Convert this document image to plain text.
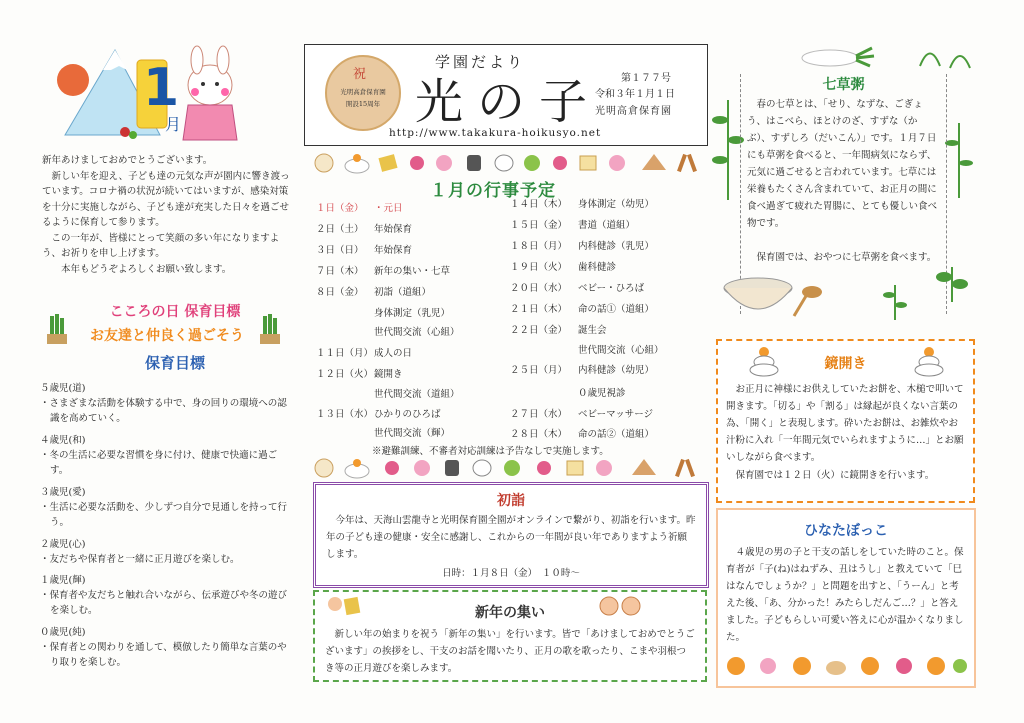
1
月

新年あけましておめでとうございます。

新しい年を迎え、子ども達の元気な声が園内に響き渡っています。コロナ禍の状況が続いてはいますが、感染対策を十分に実施しながら、子ども達が充実した日々を過ごせるように保育して参ります。

この一年が、皆様にとって笑顔の多い年になりますよう、お祈りを申し上げます。

本年もどうぞよろしくお願い致します。

こころの日 保育目標
お友達と仲良く過ごそう
保育目標

５歳児(道)

・さまざまな活動を体験する中で、身の回りの環境への認識を高めていく。

４歳児(和)

・冬の生活に必要な習慣を身に付け、健康で快適に過ごす。

３歳児(愛)

・生活に必要な活動を、少しずつ自分で見通しを持って行う。

２歳児(心)

・友だちや保育者と一緒に正月遊びを楽しむ。

１歳児(輝)

・保育者や友だちと触れ合いながら、伝承遊びや冬の遊びを楽しむ。

０歳児(純)

・保育者との関わりを通して、模倣したり簡単な言葉のやり取りを楽しむ。

祝
光明高倉保育園
開設15周年
学園だより
光の子 第１７７号
令和３年１月１日
光明高倉保育園
http://www.takakura-hoikusyo.net
１月の行事予定
１日（金） ・元日
２日（土） 年始保育
３日（日） 年始保育
７日（木） 新年の集い・七草
８日（金） 初詣（道組）
身体測定（乳児）
世代間交流（心組）
１１日（月）成人の日
１２日（火）鏡開き
世代間交流（道組）
１３日（水）ひかりのひろば
世代間交流（輝）
１４日（木） 身体測定（幼児）
１５日（金） 書道（道組）
１８日（月） 内科健診（乳児）
１９日（火） 歯科健診
２０日（水） ベビー・ひろば
２１日（木） 命の話①（道組）
２２日（金） 誕生会
世代間交流（心組）
２５日（月） 内科健診（幼児）
０歳児視診
２７日（水） ベビーマッサージ
２８日（木） 命の話②（道組）
※避難訓練、不審者対応訓練は予告なしで実施します。
初詣

今年は、天海山雲龍寺と光明保育園全園がオンラインで繋がり、初詣を行います。昨年の子ども達の健康・安全に感謝し、これからの一年間が良い年でありますよう祈願します。

日時：１月８日（金）　１０時～
新年の集い

新しい年の始まりを祝う「新年の集い」を行います。皆で「あけましておめでとうございます」の挨拶をし、干支のお話を聞いたり、正月の歌を歌ったり、こまや羽根つき等の正月遊びを楽しみます。

七草粥

春の七草とは、「せり、なずな、ごぎょう、はこべら、ほとけのざ、すずな（かぶ）、すずしろ（だいこん）」です。１月７日にも草粥を食べると、一年間病気にならず、元気に過ごせると言われています。七草には栄養もたくさん含まれていて、お正月の間に食べ過ぎて疲れた胃腸に、とても優しい食べ物です。

保育園では、おやつに七草粥を食べます。

鏡開き

お正月に神様にお供えしていたお餅を、木槌で叩いて開きます。「切る」や「割る」は縁起が良くない言葉の為、「開く」と表現します。砕いたお餅は、お雑炊やお汁粉に入れ「一年間元気でいられますように…」とお願いしながら食べます。

保育園では１２日（火）に鏡開きを行います。

ひなたぼっこ

４歳児の男の子と干支の話しをしていた時のこと。保育者が「子(ね)はねずみ、丑はうし」と教えていて「巳はなんでしょうか？」と問題を出すと、「うーん」と考えた後、「あ、分かった！みたらしだんご…？」と答えました。子どもらしい可愛い答えに心が温かくなりました。
